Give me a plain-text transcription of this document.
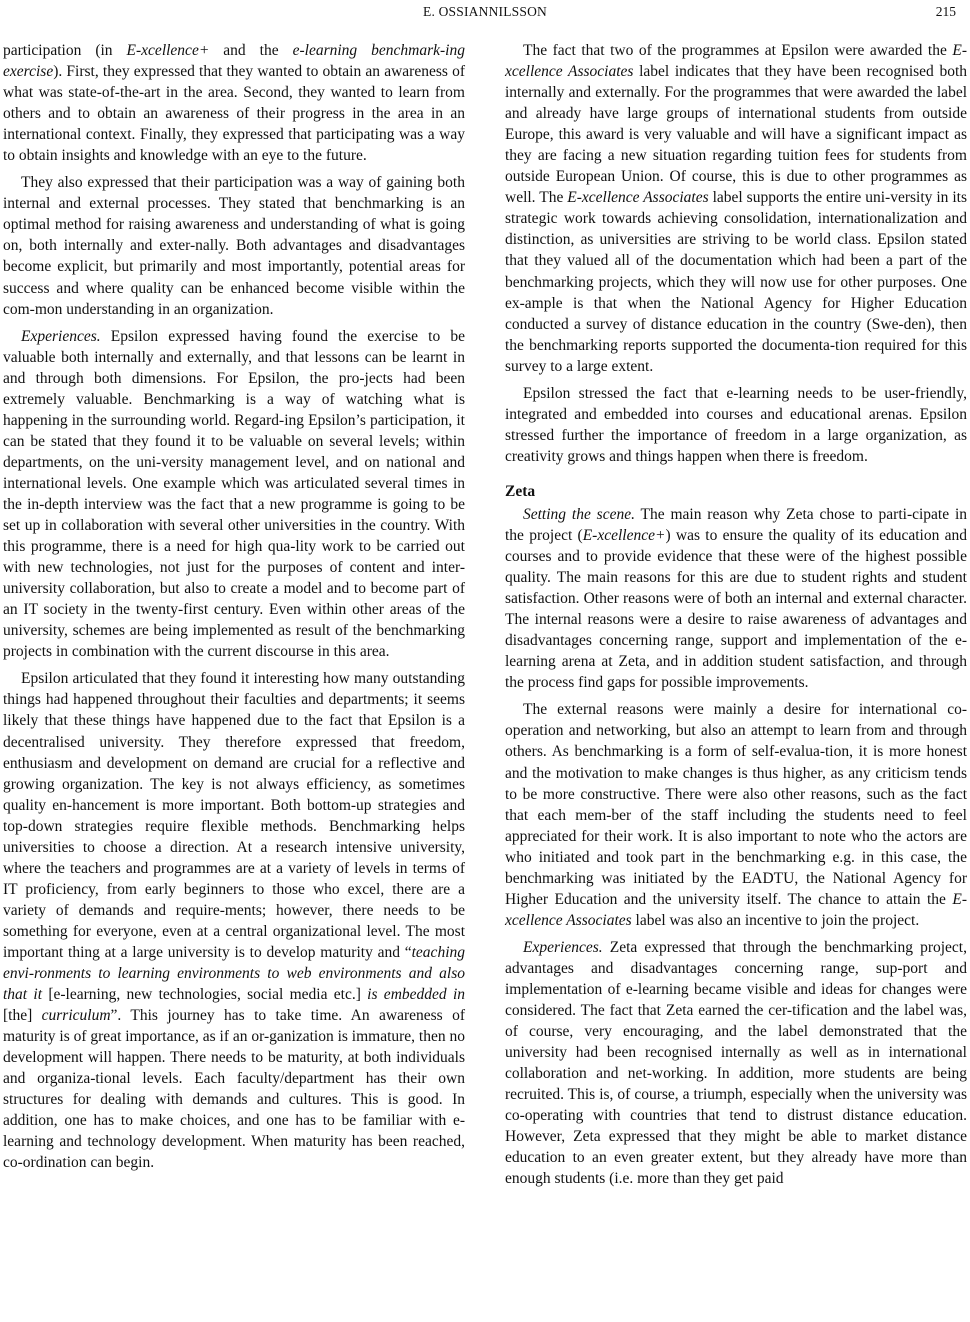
E. OSSIANNILSSON	215

participation (in E-xcellence+ and the e-learning benchmark-ing exercise). First, they expressed that they wanted to obtain an awareness of what was state-of-the-art in the area. Second, they wanted to learn from others and to obtain an awareness of their progress in the area in an international context. Finally, they expressed that participating was a way to obtain insights and knowledge with an eye to the future.

They also expressed that their participation was a way of gaining both internal and external processes. They stated that benchmarking is an optimal method for raising awareness and understanding of what is going on, both internally and exter-nally. Both advantages and disadvantages become explicit, but primarily and most importantly, potential areas for success and where quality can be enhanced become visible within the com-mon understanding in an organization.

Experiences. Epsilon expressed having found the exercise to be valuable both internally and externally, and that lessons can be learnt in and through both dimensions. For Epsilon, the pro-jects had been extremely valuable. Benchmarking is a way of watching what is happening in the surrounding world. Regard-ing Epsilon’s participation, it can be stated that they found it to be valuable on several levels; within departments, on the uni-versity management level, and on national and international levels. One example which was articulated several times in the in-depth interview was the fact that a new programme is going to be set up in collaboration with several other universities in the country. With this programme, there is a need for high qua-lity work to be carried out with new technologies, not just for the purposes of content and inter-university collaboration, but also to create a model and to become part of an IT society in the twenty-first century. Even within other areas of the university, schemes are being implemented as result of the benchmarking projects in combination with the current discourse in this area.

Epsilon articulated that they found it interesting how many outstanding things had happened throughout their faculties and departments; it seems likely that these things have happened due to the fact that Epsilon is a decentralised university. They therefore expressed that freedom, enthusiasm and development on demand are crucial for a reflective and growing organization. The key is not always efficiency, as sometimes quality en-hancement is more important. Both bottom-up strategies and top-down strategies require flexible methods. Benchmarking helps universities to choose a direction. At a research intensive university, where the teachers and programmes are at a variety of levels in terms of IT proficiency, from early beginners to those who excel, there are a variety of demands and require-ments; however, there needs to be something for everyone, even at a central organizational level. The most important thing at a large university is to develop maturity and “teaching envi-ronments to learning environments to web environments and also that it [e-learning, new technologies, social media etc.] is embedded in [the] curriculum”. This journey has to take time. An awareness of maturity is of great importance, as if an or-ganization is immature, then no development will happen. There needs to be maturity, at both individuals and organiza-tional levels. Each faculty/department has their own structures for dealing with demands and cultures. This is good. In addition, one has to make choices, and one has to be familiar with e-learning and technology development. When maturity has been reached, co-ordination can begin.

The fact that two of the programmes at Epsilon were awarded the E-xcellence Associates label indicates that they have been recognised both internally and externally. For the programmes that were awarded the label and already have large groups of international students from outside Europe, this award is very valuable and will have a significant impact as they are facing a new situation regarding tuition fees for students from outside European Union. Of course, this is due to other programmes as well. The E-xcellence Associates label supports the entire uni-versity in its strategic work towards achieving consolidation, internationalization and distinction, as universities are striving to be world class. Epsilon stated that they valued all of the documentation which had been a part of the benchmarking projects, which they will now use for other purposes. One ex-ample is that when the National Agency for Higher Education conducted a survey of distance education in the country (Swe-den), then the benchmarking reports supported the documenta-tion required for this survey to a large extent.

Epsilon stressed the fact that e-learning needs to be user-friendly, integrated and embedded into courses and educational arenas. Epsilon stressed further the importance of freedom in a large organization, as creativity grows and things happen when there is freedom.

Zeta

Setting the scene. The main reason why Zeta chose to parti-cipate in the project (E-xcellence+) was to ensure the quality of its education and courses and to provide evidence that these were of the highest possible quality. The main reasons for this are due to student rights and student satisfaction. Other reasons were of both an internal and external character. The internal reasons were a desire to raise awareness of advantages and disadvantages concerning range, support and implementation of the e-learning arena at Zeta, and in addition student satisfaction, and through the process find gaps for possible improvements.

The external reasons were mainly a desire for international co-operation and networking, but also an attempt to learn from and through others. As benchmarking is a form of self-evalua-tion, it is more honest and the motivation to make changes is thus higher, as any criticism tends to be more constructive. There were also other reasons, such as the fact that each mem-ber of the staff including the students need to feel appreciated for their work. It is also important to note who the actors are who initiated and took part in the benchmarking e.g. in this case, the benchmarking was initiated by the EADTU, the National Agency for Higher Education and the university itself. The chance to attain the E-xcellence Associates label was also an incentive to join the project.

Experiences. Zeta expressed that through the benchmarking project, advantages and disadvantages concerning range, sup-port and implementation of e-learning became visible and ideas for changes were considered. The fact that Zeta earned the cer-tification and the label was, of course, very encouraging, and the label demonstrated that the university had been recognised internally as well as in international collaboration and net-working. In addition, more students are being recruited. This is, of course, a triumph, especially when the university was co-operating with countries that tend to distrust distance education. However, Zeta expressed that they might be able to market distance education to an even greater extent, but they already have more than enough students (i.e. more than they get paid
